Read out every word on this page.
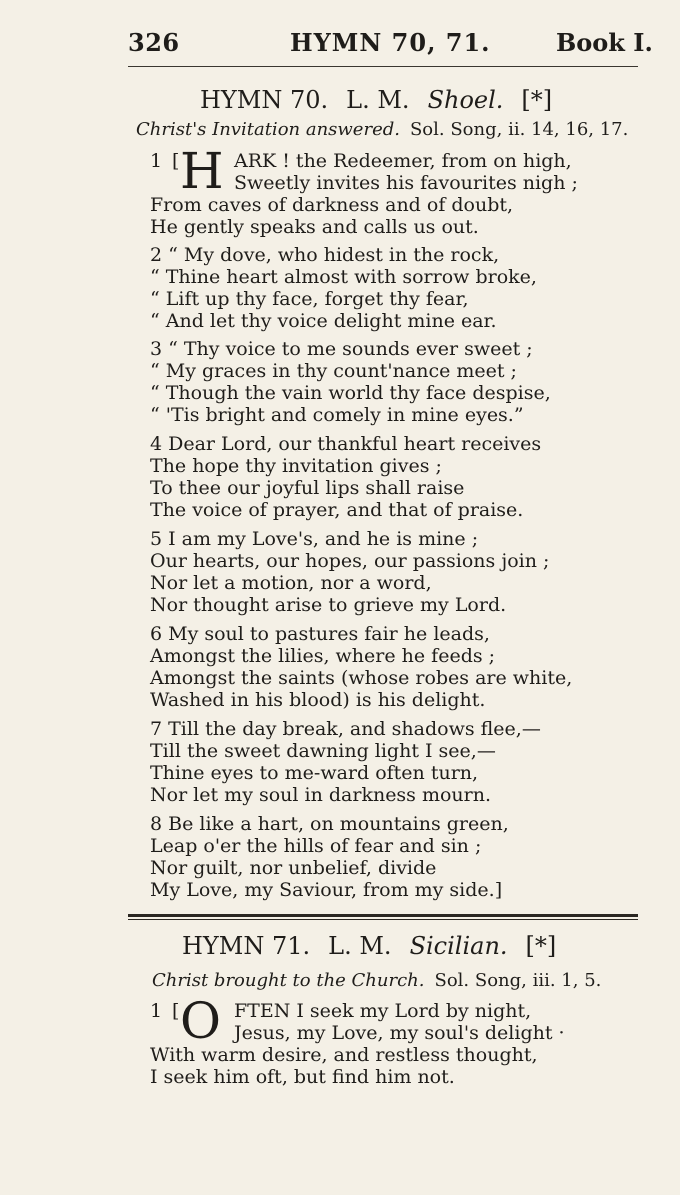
326	HYMN 70, 71.	Book I.
HYMN 70. L. M. Shoel. [*]
Christ's Invitation answered. Sol. Song, ii. 14, 16, 17.
1 [ H ARK ! the Redeemer, from on high,
Sweetly invites his favourites nigh ;
From caves of darkness and of doubt,
He gently speaks and calls us out.
2 “ My dove, who hidest in the rock,
“ Thine heart almost with sorrow broke,
“ Lift up thy face, forget thy fear,
“ And let thy voice delight mine ear.
3 “ Thy voice to me sounds ever sweet ;
“ My graces in thy count'nance meet ;
“ Though the vain world thy face despise,
“ 'Tis bright and comely in mine eyes.”
4 Dear Lord, our thankful heart receives
The hope thy invitation gives ;
To thee our joyful lips shall raise
The voice of prayer, and that of praise.
5 I am my Love's, and he is mine ;
Our hearts, our hopes, our passions join ;
Nor let a motion, nor a word,
Nor thought arise to grieve my Lord.
6 My soul to pastures fair he leads,
Amongst the lilies, where he feeds ;
Amongst the saints (whose robes are white,
Washed in his blood) is his delight.
7 Till the day break, and shadows flee,—
Till the sweet dawning light I see,—
Thine eyes to me-ward often turn,
Nor let my soul in darkness mourn.
8 Be like a hart, on mountains green,
Leap o'er the hills of fear and sin ;
Nor guilt, nor unbelief, divide
My Love, my Saviour, from my side.]
HYMN 71. L. M. Sicilian. [*]
Christ brought to the Church. Sol. Song, iii. 1, 5.
1 [ O FTEN I seek my Lord by night,
Jesus, my Love, my soul's delight ·
With warm desire, and restless thought,
I seek him oft, but find him not.
